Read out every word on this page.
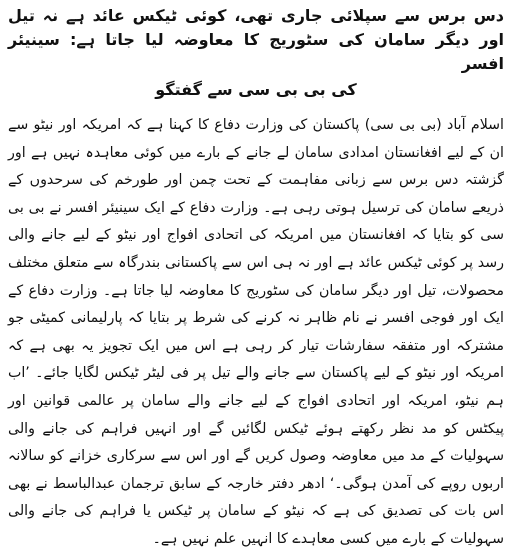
دس برس سے سپلائی جاری تھی، کوئی ٹیکس عائد ہے نہ تیل اور دیگر سامان کی سٹوریج کا معاوضہ لیا جاتا ہے: سینیئر افسر

کی بی بی سی سے گفتگو

اسلام آباد (بی بی سی) پاکستان کی وزارت دفاع کا کہنا ہے کہ امریکہ اور نیٹو سے ان کے لیے افغانستان امدادی سامان لے جانے کے بارے میں کوئی معاہدہ نہیں ہے اور گزشتہ دس برس سے زبانی مفاہمت کے تحت چمن اور طورخم کی سرحدوں کے ذریعے سامان کی ترسیل ہوتی رہی ہے۔ وزارت دفاع کے ایک سینیئر افسر نے بی بی سی کو بتایا کہ افغانستان میں امریکہ کی اتحادی افواج اور نیٹو کے لیے جانے والی رسد پر کوئی ٹیکس عائد ہے اور نہ ہی اس سے پاکستانی بندرگاہ سے متعلق مختلف محصولات، تیل اور دیگر سامان کی سٹوریج کا معاوضہ لیا جاتا ہے۔ وزارت دفاع کے ایک اور فوجی افسر نے نام ظاہر نہ کرنے کی شرط پر بتایا کہ پارلیمانی کمیٹی جو مشترکہ اور متفقہ سفارشات تیار کر رہی ہے اس میں ایک تجویز یہ بھی ہے کہ امریکہ اور نیٹو کے لیے پاکستان سے جانے والے تیل پر فی لیٹر ٹیکس لگایا جائے۔ ’اب ہم نیٹو، امریکہ اور اتحادی افواج کے لیے جانے والے سامان پر عالمی قوانین اور پیکٹس کو مد نظر رکھتے ہوئے ٹیکس لگائیں گے اور انہیں فراہم کی جانے والی سہولیات کے مد میں معاوضہ وصول کریں گے اور اس سے سرکاری خزانے کو سالانہ اربوں روپے کی آمدن ہوگی۔‘ ادھر دفتر خارجہ کے سابق ترجمان عبدالباسط نے بھی اس بات کی تصدیق کی ہے کہ نیٹو کے سامان پر ٹیکس یا فراہم کی جانے والی سہولیات کے بارے میں کسی معاہدے کا انہیں علم نہیں ہے۔
